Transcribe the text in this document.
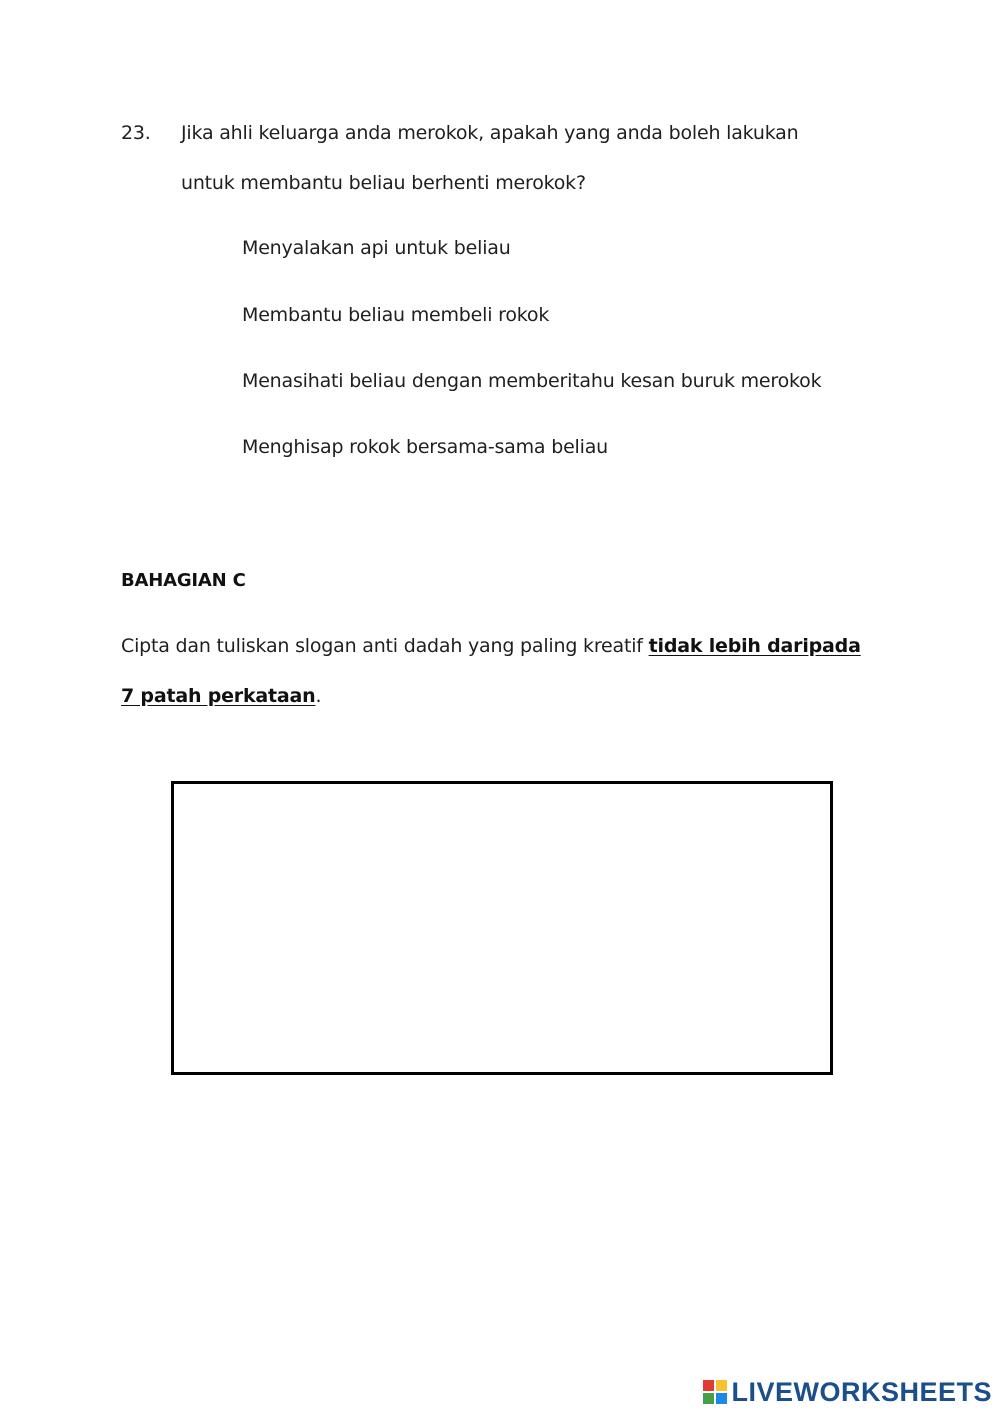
23. Jika ahli keluarga anda merokok, apakah yang anda boleh lakukan
untuk membantu beliau berhenti merokok?
Menyalakan api untuk beliau
Membantu beliau membeli rokok
Menasihati beliau dengan memberitahu kesan buruk merokok
Menghisap rokok bersama-sama beliau
BAHAGIAN C
Cipta dan tuliskan slogan anti dadah yang paling kreatif tidak lebih daripada
7 patah perkataan.
LIVEWORKSHEETS
